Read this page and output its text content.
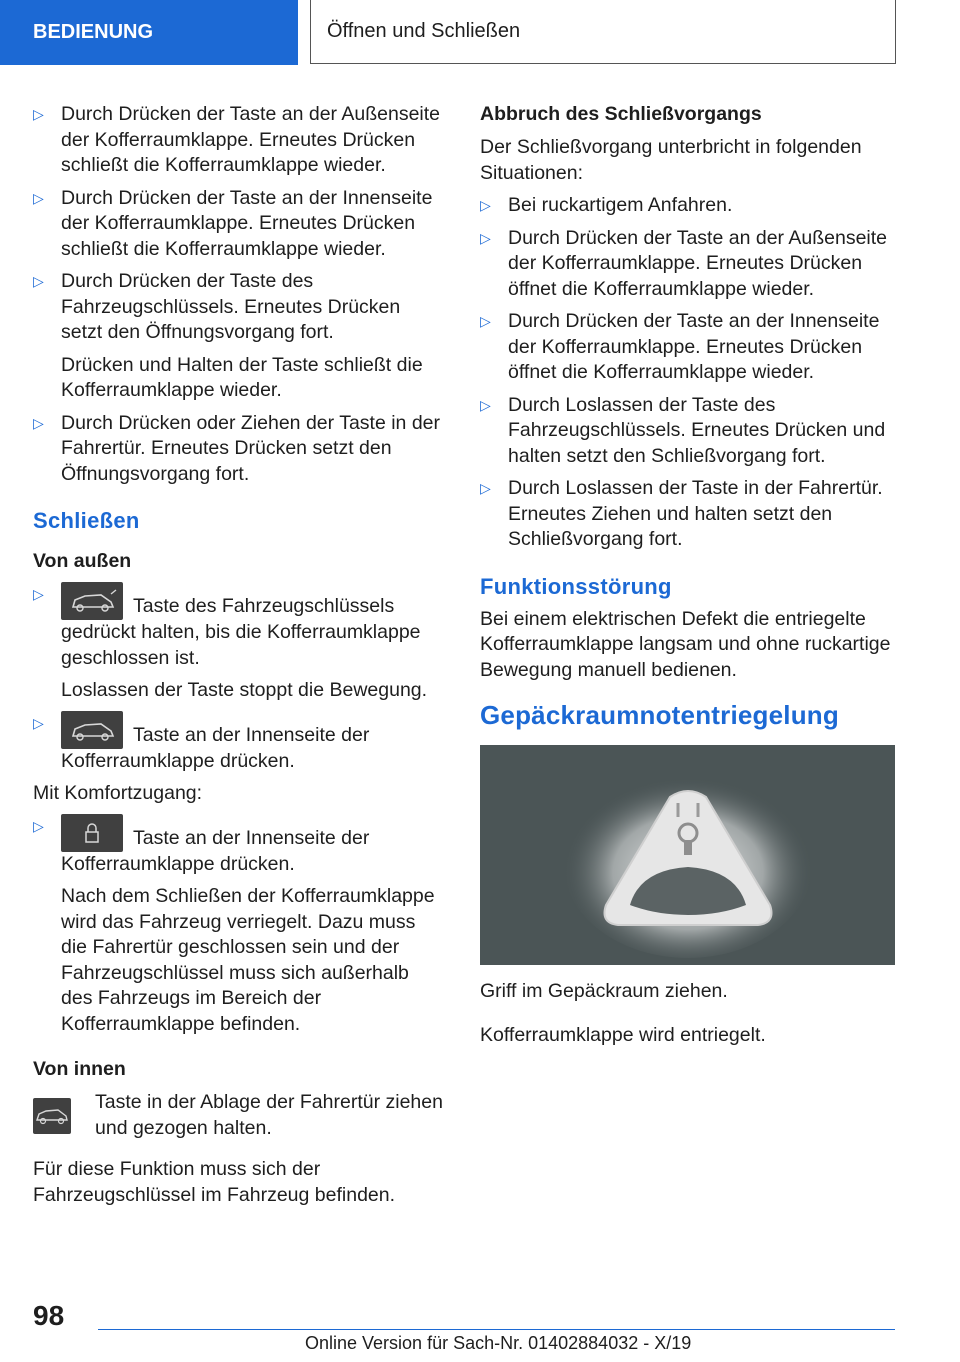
BEDIENUNG	Öffnen und Schließen
▷ Durch Drücken der Taste an der Außenseite der Kofferraumklappe. Erneutes Drücken schließt die Kofferraumklappe wieder.

▷ Durch Drücken der Taste an der Innenseite der Kofferraumklappe. Erneutes Drücken schließt die Kofferraumklappe wieder.

▷ Durch Drücken der Taste des Fahrzeugschlüssels. Erneutes Drücken setzt den Öffnungsvorgang fort.

Drücken und Halten der Taste schließt die Kofferraumklappe wieder.

▷ Durch Drücken oder Ziehen der Taste in der Fahrertür. Erneutes Drücken setzt den Öffnungsvorgang fort.

Schließen
Von außen
▷

Taste des Fahrzeugschlüssels gedrückt halten, bis die Kofferraumklappe geschlossen ist.

Loslassen der Taste stoppt die Bewegung.

▷

Taste an der Innenseite der Kofferraumklappe drücken.

Mit Komfortzugang:

▷

Taste an der Innenseite der Kofferraumklappe drücken.

Nach dem Schließen der Kofferraumklappe wird das Fahrzeug verriegelt. Dazu muss die Fahrertür geschlossen sein und der Fahrzeugschlüssel muss sich außerhalb des Fahrzeugs im Bereich der Kofferraumklappe befinden.

Von innen

Taste in der Ablage der Fahrertür ziehen und gezogen halten.

Für diese Funktion muss sich der Fahrzeugschlüssel im Fahrzeug befinden.

Abbruch des Schließvorgangs

Der Schließvorgang unterbricht in folgenden Situationen:

▷ Bei ruckartigem Anfahren.

▷ Durch Drücken der Taste an der Außenseite der Kofferraumklappe. Erneutes Drücken öffnet die Kofferraumklappe wieder.

▷ Durch Drücken der Taste an der Innenseite der Kofferraumklappe. Erneutes Drücken öffnet die Kofferraumklappe wieder.

▷ Durch Loslassen der Taste des Fahrzeugschlüssels. Erneutes Drücken und halten setzt den Schließvorgang fort.

▷ Durch Loslassen der Taste in der Fahrertür. Erneutes Ziehen und halten setzt den Schließvorgang fort.

Funktionsstörung

Bei einem elektrischen Defekt die entriegelte Kofferraumklappe langsam und ohne ruckartige Bewegung manuell bedienen.

Gepäckraumnotentriegelung

Griff im Gepäckraum ziehen.

Kofferraumklappe wird entriegelt.

98
Online Version für Sach-Nr. 01402884032 - X/19
